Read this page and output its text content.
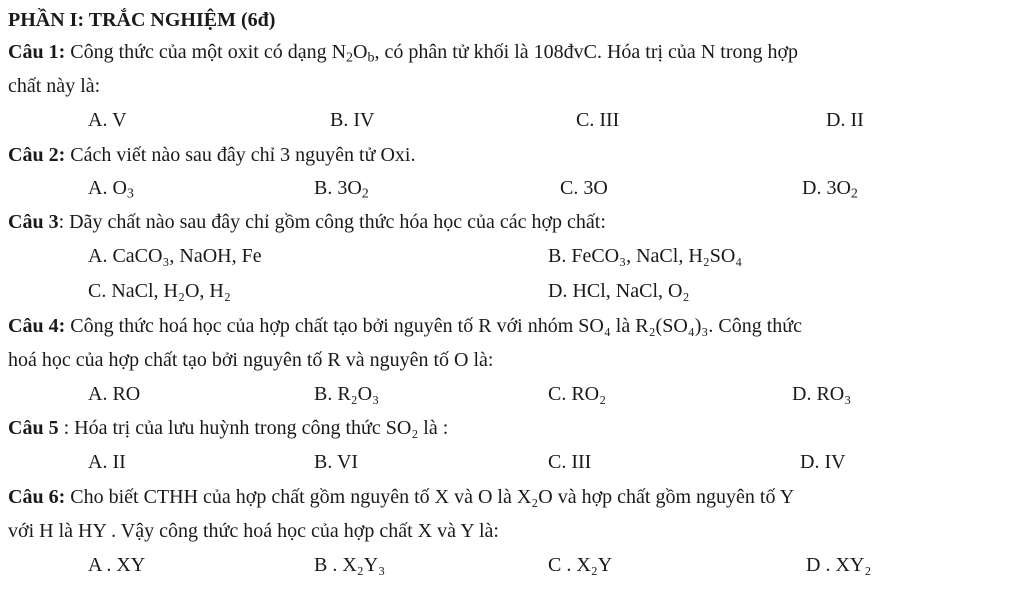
PHẦN I: TRẮC NGHIỆM (6đ)
Câu 1: Công thức của một oxit có dạng $N_2O_b$, có phân tử khối là 108đvC. Hóa trị của N trong hợp
chất này là:
A. V	B. IV	C. III	D. II
Câu 2: Cách viết nào sau đây chỉ 3 nguyên tử Oxi.
A. $O_3$	B. $3O_2$	C. 3O	D. $3O_2$
Câu 3: Dãy chất nào sau đây chỉ gồm công thức hóa học của các hợp chất:
A. CaCO₃, NaOH, Fe	B. FeCO₃, NaCl, H₂SO₄
C. NaCl, H₂O, H₂	D. HCl, NaCl, O₂
Câu 4: Công thức hoá học của hợp chất tạo bởi nguyên tố R với nhóm SO₄ là R₂(SO₄)₃. Công thức
hoá học của hợp chất tạo bởi nguyên tố R và nguyên tố O là:
A. RO	B. R₂O₃	C. RO₂	D. RO₃
Câu 5 : Hóa trị của lưu huỳnh trong công thức SO₂ là :
A. II	B. VI	C. III	D. IV
Câu 6: Cho biết CTHH của hợp chất gồm nguyên tố X và O là X₂O và hợp chất gồm nguyên tố Y
với H là HY . Vậy công thức hoá học của hợp chất X và Y là:
A . XY	B . X₂Y₃	C . X₂Y	D . XY₂
